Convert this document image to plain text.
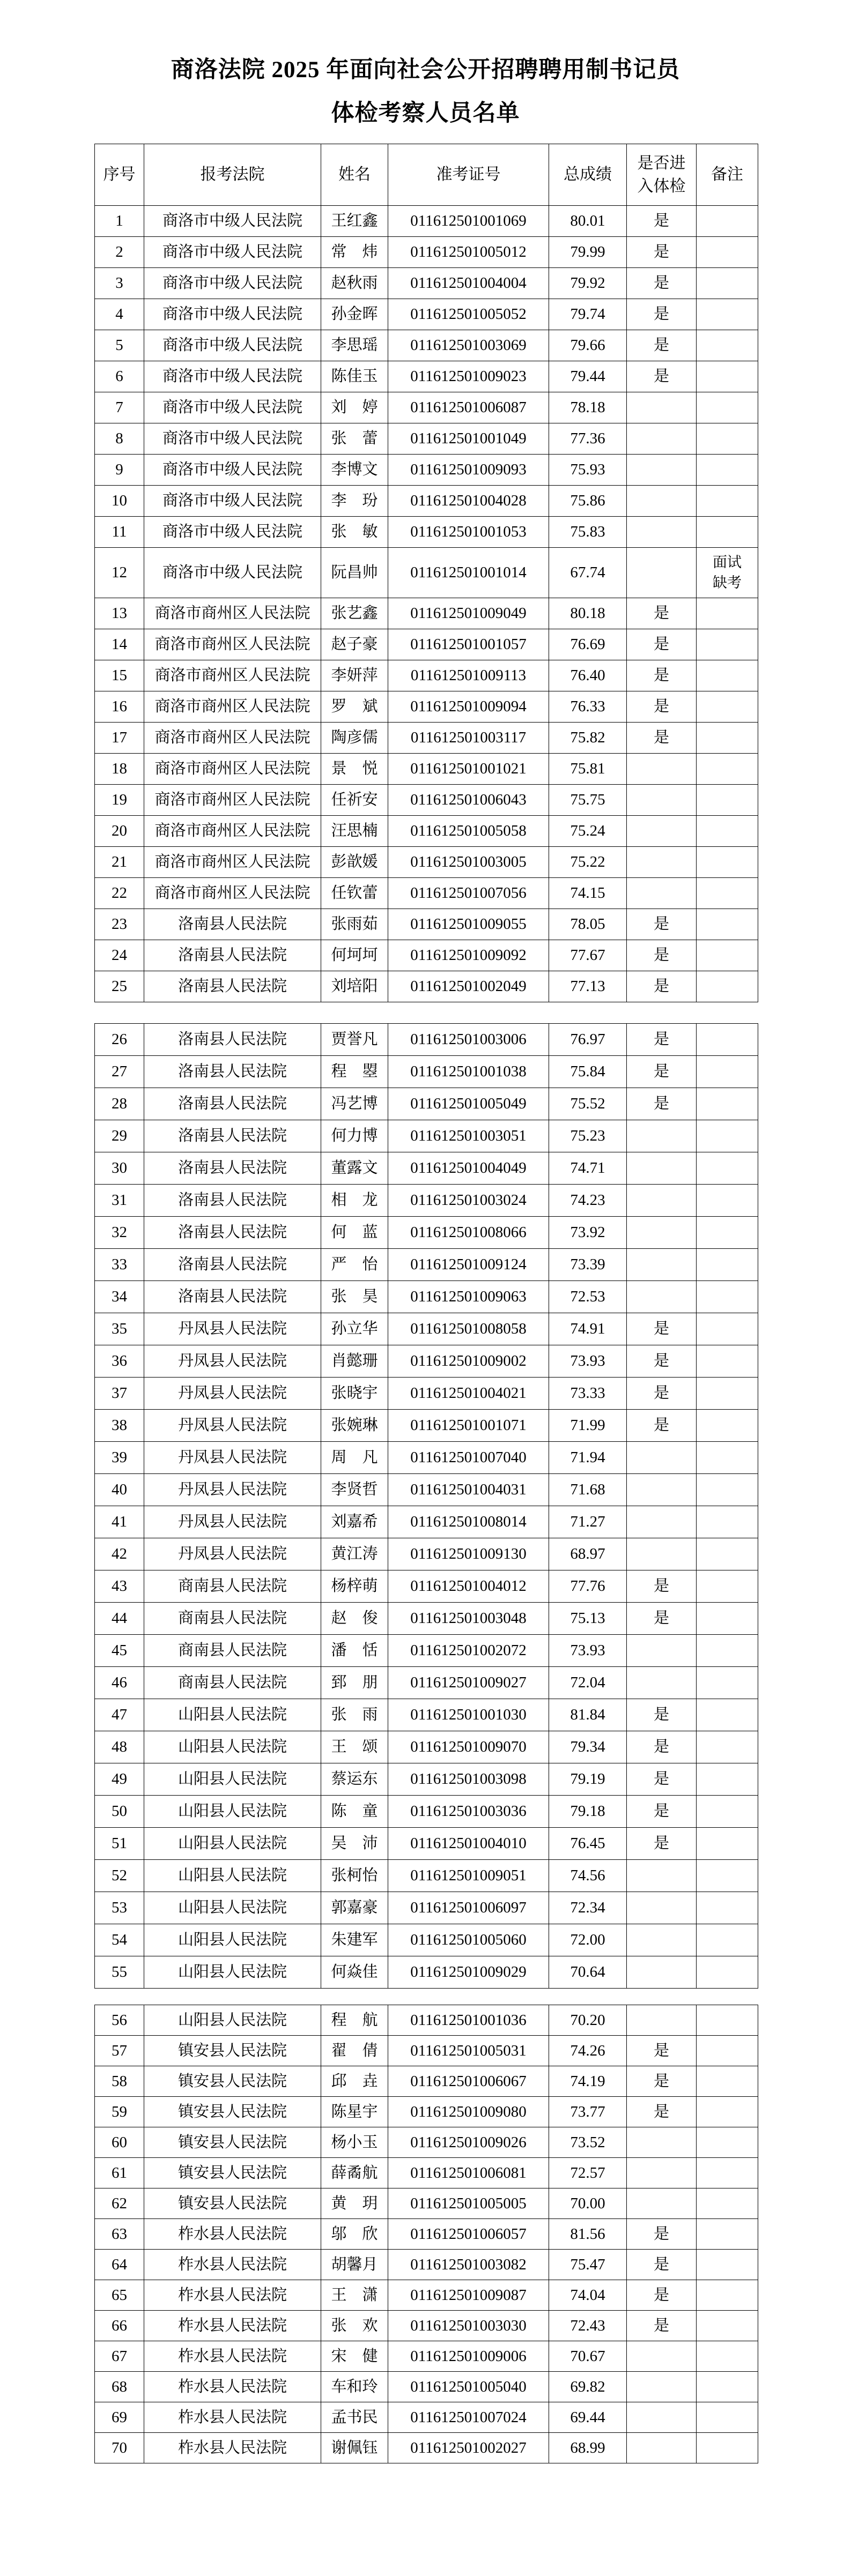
商洛法院 2025 年面向社会公开招聘聘用制书记员
体检考察人员名单
序号	报考法院	姓名	准考证号	总成绩	是否进入体检	备注
1	商洛市中级人民法院	王红鑫	011612501001069	80.01	是	
2	商洛市中级人民法院	常　炜	011612501005012	79.99	是	
3	商洛市中级人民法院	赵秋雨	011612501004004	79.92	是	
4	商洛市中级人民法院	孙金晖	011612501005052	79.74	是	
5	商洛市中级人民法院	李思瑶	011612501003069	79.66	是	
6	商洛市中级人民法院	陈佳玉	011612501009023	79.44	是	
7	商洛市中级人民法院	刘　婷	011612501006087	78.18		
8	商洛市中级人民法院	张　蕾	011612501001049	77.36		
9	商洛市中级人民法院	李博文	011612501009093	75.93		
10	商洛市中级人民法院	李　玢	011612501004028	75.86		
11	商洛市中级人民法院	张　敏	011612501001053	75.83		
12	商洛市中级人民法院	阮昌帅	011612501001014	67.74		面试缺考
13	商洛市商州区人民法院	张艺鑫	011612501009049	80.18	是	
14	商洛市商州区人民法院	赵子豪	011612501001057	76.69	是	
15	商洛市商州区人民法院	李妍萍	011612501009113	76.40	是	
16	商洛市商州区人民法院	罗　斌	011612501009094	76.33	是	
17	商洛市商州区人民法院	陶彦儒	011612501003117	75.82	是	
18	商洛市商州区人民法院	景　悦	011612501001021	75.81		
19	商洛市商州区人民法院	任祈安	011612501006043	75.75		
20	商洛市商州区人民法院	汪思楠	011612501005058	75.24		
21	商洛市商州区人民法院	彭歆媛	011612501003005	75.22		
22	商洛市商州区人民法院	任钦蕾	011612501007056	74.15		
23	洛南县人民法院	张雨茹	011612501009055	78.05	是	
24	洛南县人民法院	何坷坷	011612501009092	77.67	是	
25	洛南县人民法院	刘培阳	011612501002049	77.13	是	
26	洛南县人民法院	贾誉凡	011612501003006	76.97	是	
27	洛南县人民法院	程　曌	011612501001038	75.84	是	
28	洛南县人民法院	冯艺博	011612501005049	75.52	是	
29	洛南县人民法院	何力博	011612501003051	75.23		
30	洛南县人民法院	董露文	011612501004049	74.71		
31	洛南县人民法院	相　龙	011612501003024	74.23		
32	洛南县人民法院	何　蓝	011612501008066	73.92		
33	洛南县人民法院	严　怡	011612501009124	73.39		
34	洛南县人民法院	张　昊	011612501009063	72.53		
35	丹凤县人民法院	孙立华	011612501008058	74.91	是	
36	丹凤县人民法院	肖懿珊	011612501009002	73.93	是	
37	丹凤县人民法院	张晓宇	011612501004021	73.33	是	
38	丹凤县人民法院	张婉琳	011612501001071	71.99	是	
39	丹凤县人民法院	周　凡	011612501007040	71.94		
40	丹凤县人民法院	李贤哲	011612501004031	71.68		
41	丹凤县人民法院	刘嘉希	011612501008014	71.27		
42	丹凤县人民法院	黄江涛	011612501009130	68.97		
43	商南县人民法院	杨梓萌	011612501004012	77.76	是	
44	商南县人民法院	赵　俊	011612501003048	75.13	是	
45	商南县人民法院	潘　恬	011612501002072	73.93		
46	商南县人民法院	郅　朋	011612501009027	72.04		
47	山阳县人民法院	张　雨	011612501001030	81.84	是	
48	山阳县人民法院	王　颂	011612501009070	79.34	是	
49	山阳县人民法院	蔡运东	011612501003098	79.19	是	
50	山阳县人民法院	陈　童	011612501003036	79.18	是	
51	山阳县人民法院	吴　沛	011612501004010	76.45	是	
52	山阳县人民法院	张柯怡	011612501009051	74.56		
53	山阳县人民法院	郭嘉豪	011612501006097	72.34		
54	山阳县人民法院	朱建军	011612501005060	72.00		
55	山阳县人民法院	何焱佳	011612501009029	70.64		
56	山阳县人民法院	程　航	011612501001036	70.20		
57	镇安县人民法院	翟　倩	011612501005031	74.26	是	
58	镇安县人民法院	邱　垚	011612501006067	74.19	是	
59	镇安县人民法院	陈星宇	011612501009080	73.77	是	
60	镇安县人民法院	杨小玉	011612501009026	73.52		
61	镇安县人民法院	薛矞航	011612501006081	72.57		
62	镇安县人民法院	黄　玥	011612501005005	70.00		
63	柞水县人民法院	邬　欣	011612501006057	81.56	是	
64	柞水县人民法院	胡馨月	011612501003082	75.47	是	
65	柞水县人民法院	王　潇	011612501009087	74.04	是	
66	柞水县人民法院	张　欢	011612501003030	72.43	是	
67	柞水县人民法院	宋　健	011612501009006	70.67		
68	柞水县人民法院	车和玲	011612501005040	69.82		
69	柞水县人民法院	孟书民	011612501007024	69.44		
70	柞水县人民法院	谢佩钰	011612501002027	68.99		
